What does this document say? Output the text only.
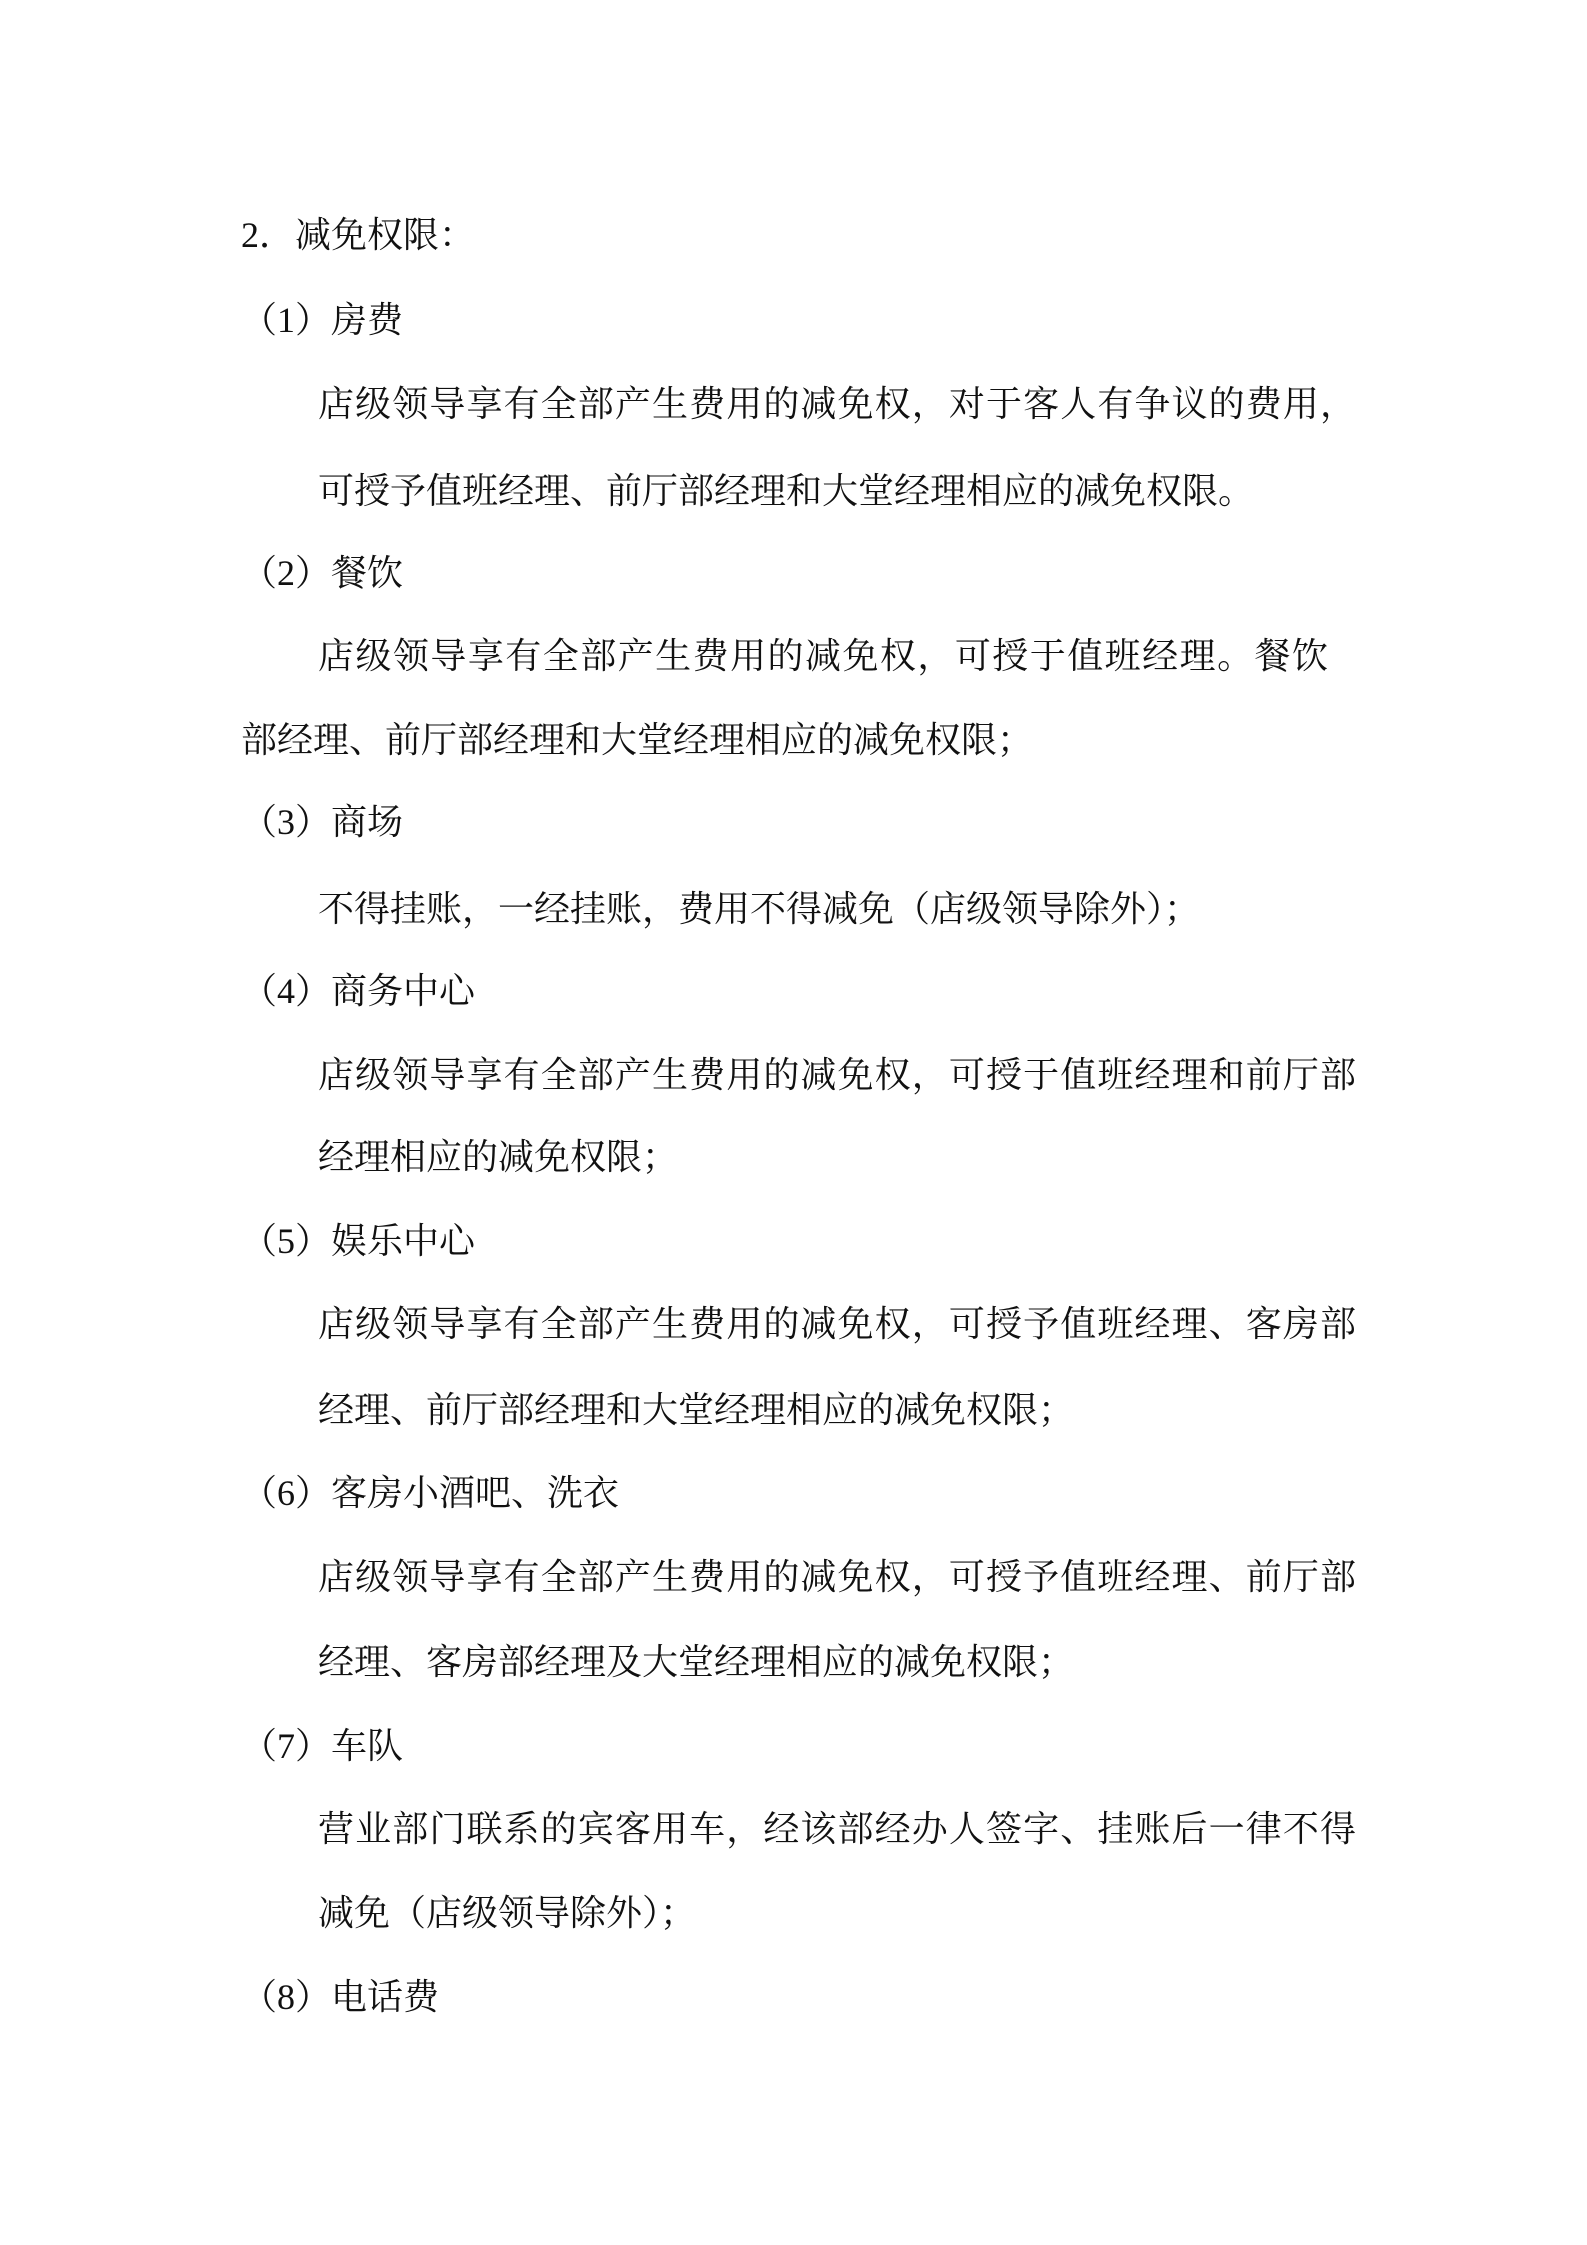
2．减免权限：
（1）房费
店级领导享有全部产生费用的减免权，对于客人有争议的费用，
可授予值班经理、前厅部经理和大堂经理相应的减免权限。
（2）餐饮
店级领导享有全部产生费用的减免权，可授于值班经理。餐饮
部经理、前厅部经理和大堂经理相应的减免权限；
（3）商场
不得挂账，一经挂账，费用不得减免（店级领导除外）；
（4）商务中心
店级领导享有全部产生费用的减免权，可授于值班经理和前厅部
经理相应的减免权限；
（5）娱乐中心
店级领导享有全部产生费用的减免权，可授予值班经理、客房部
经理、前厅部经理和大堂经理相应的减免权限；
（6）客房小酒吧、洗衣
店级领导享有全部产生费用的减免权，可授予值班经理、前厅部
经理、客房部经理及大堂经理相应的减免权限；
（7）车队
营业部门联系的宾客用车，经该部经办人签字、挂账后一律不得
减免（店级领导除外）；
（8）电话费
